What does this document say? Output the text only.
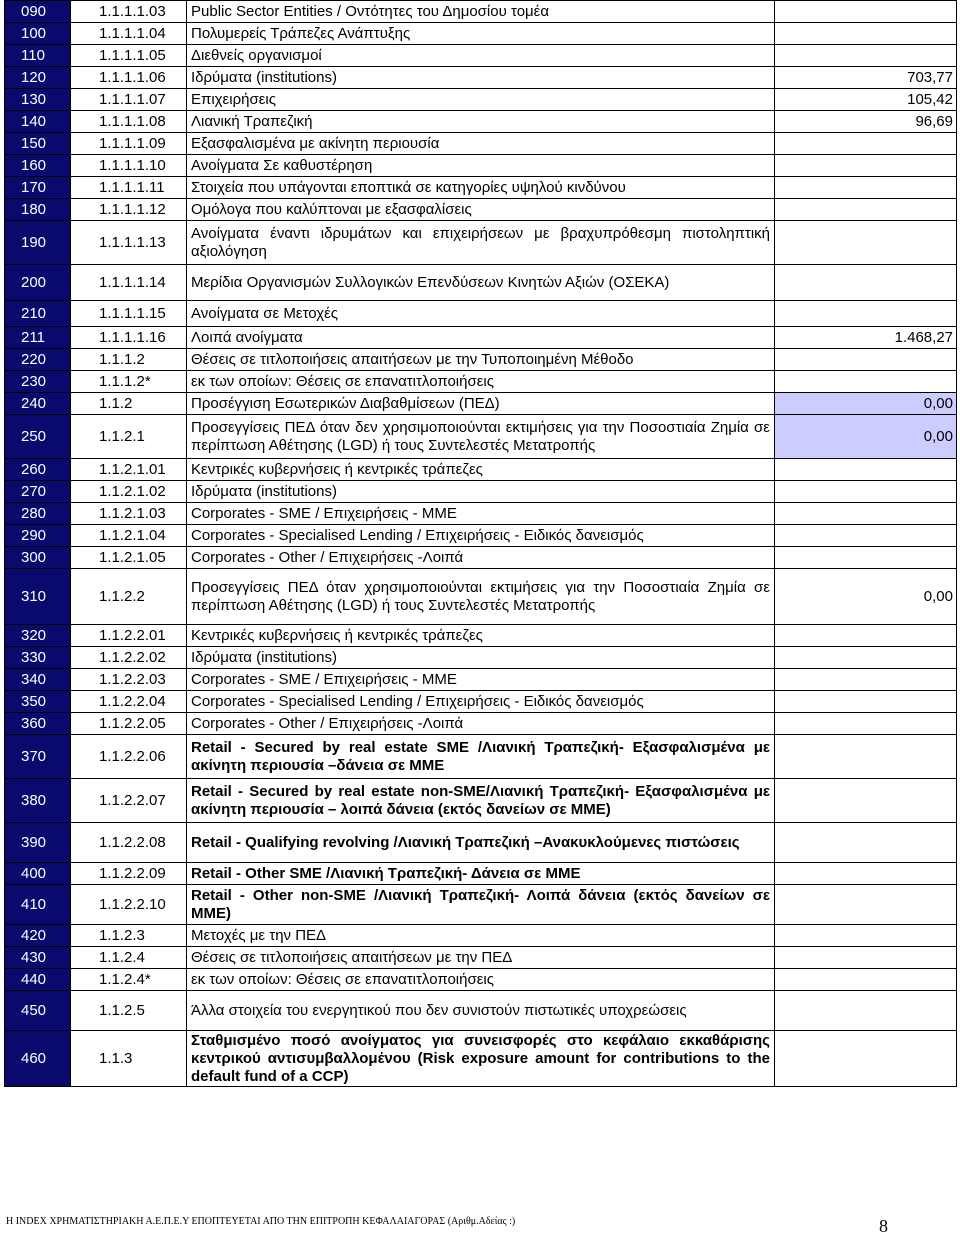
090	1.1.1.1.03	Public Sector Entities / Οντότητες του Δημοσίου τομέα	
100	1.1.1.1.04	Πολυμερείς Τράπεζες Ανάπτυξης	
110	1.1.1.1.05	Διεθνείς οργανισμοί	
120	1.1.1.1.06	Ιδρύματα (institutions)	703,77
130	1.1.1.1.07	Επιχειρήσεις	105,42
140	1.1.1.1.08	Λιανική Τραπεζική	96,69
150	1.1.1.1.09	Εξασφαλισμένα με ακίνητη περιουσία	
160	1.1.1.1.10	Ανοίγματα Σε καθυστέρηση	
170	1.1.1.1.11	Στοιχεία που υπάγονται εποπτικά σε κατηγορίες υψηλού κινδύνου	
180	1.1.1.1.12	Ομόλογα που καλύπτοναι με εξασφαλίσεις	
190	1.1.1.1.13	Ανοίγματα έναντι ιδρυμάτων και επιχειρήσεων με βραχυπρόθεσμη πιστοληπτική αξιολόγηση	
200	1.1.1.1.14	Μερίδια Οργανισμών Συλλογικών Επενδύσεων Κινητών Αξιών (ΟΣΕΚΑ)	
210	1.1.1.1.15	Ανοίγματα σε Μετοχές	
211	1.1.1.1.16	Λοιπά ανοίγματα	1.468,27
220	1.1.1.2	Θέσεις σε τιτλοποιήσεις απαιτήσεων με την Τυποποιημένη Μέθοδο	
230	1.1.1.2*	εκ των οποίων: Θέσεις σε επανατιτλοποιήσεις	
240	1.1.2	Προσέγγιση Εσωτερικών Διαβαθμίσεων (ΠΕΔ)	0,00
250	1.1.2.1	Προσεγγίσεις ΠΕΔ όταν δεν χρησιμοποιούνται εκτιμήσεις για την Ποσοστιαία Ζημία σε περίπτωση Αθέτησης (LGD) ή τους Συντελεστές Μετατροπής	0,00
260	1.1.2.1.01	Κεντρικές κυβερνήσεις ή κεντρικές τράπεζες	
270	1.1.2.1.02	Ιδρύματα (institutions)	
280	1.1.2.1.03	Corporates - SME / Επιχειρήσεις - ΜΜΕ	
290	1.1.2.1.04	Corporates - Specialised Lending / Επιχειρήσεις - Ειδικός δανεισμός	
300	1.1.2.1.05	Corporates - Other / Επιχειρήσεις -Λοιπά	
310	1.1.2.2	Προσεγγίσεις ΠΕΔ όταν χρησιμοποιούνται εκτιμήσεις για την Ποσοστιαία Ζημία σε περίπτωση Αθέτησης (LGD) ή τους Συντελεστές Μετατροπής	0,00
320	1.1.2.2.01	Κεντρικές κυβερνήσεις ή κεντρικές τράπεζες	
330	1.1.2.2.02	Ιδρύματα (institutions)	
340	1.1.2.2.03	Corporates - SME / Επιχειρήσεις - ΜΜΕ	
350	1.1.2.2.04	Corporates - Specialised Lending / Επιχειρήσεις - Ειδικός δανεισμός	
360	1.1.2.2.05	Corporates - Other / Επιχειρήσεις -Λοιπά	
370	1.1.2.2.06	Retail - Secured by real estate SME /Λιανική Τραπεζική- Εξασφαλισμένα με ακίνητη περιουσία –δάνεια σε ΜΜΕ	
380	1.1.2.2.07	Retail - Secured by real estate non-SME/Λιανική Τραπεζική- Εξασφαλισμένα με ακίνητη περιουσία – λοιπά δάνεια (εκτός δανείων σε ΜΜΕ)	
390	1.1.2.2.08	Retail - Qualifying revolving /Λιανική Τραπεζική –Ανακυκλούμενες πιστώσεις	
400	1.1.2.2.09	Retail - Other SME /Λιανική Τραπεζική- Δάνεια σε ΜΜΕ	
410	1.1.2.2.10	Retail - Other non-SME /Λιανική Τραπεζική- Λοιπά δάνεια (εκτός δανείων σε ΜΜΕ)	
420	1.1.2.3	Μετοχές με την ΠΕΔ	
430	1.1.2.4	Θέσεις σε τιτλοποιήσεις απαιτήσεων με την ΠΕΔ	
440	1.1.2.4*	εκ των οποίων: Θέσεις σε επανατιτλοποιήσεις	
450	1.1.2.5	Άλλα στοιχεία του ενεργητικού που δεν συνιστούν πιστωτικές υποχρεώσεις	
460	1.1.3	Σταθμισμένο ποσό ανοίγματος για συνεισφορές στο κεφάλαιο εκκαθάρισης κεντρικού αντισυμβαλλομένου (Risk exposure amount for contributions to the default fund of a CCP)	
Η INDEX ΧΡΗΜΑΤΙΣΤΗΡΙΑΚΗ Α.Ε.Π.Ε.Υ ΕΠΟΠΤΕΥΕΤΑΙ ΑΠΟ ΤΗΝ ΕΠΙΤΡΟΠΗ ΚΕΦΑΛΑΙΑΓΟΡΑΣ (Αριθμ.Αδείας :)	8
